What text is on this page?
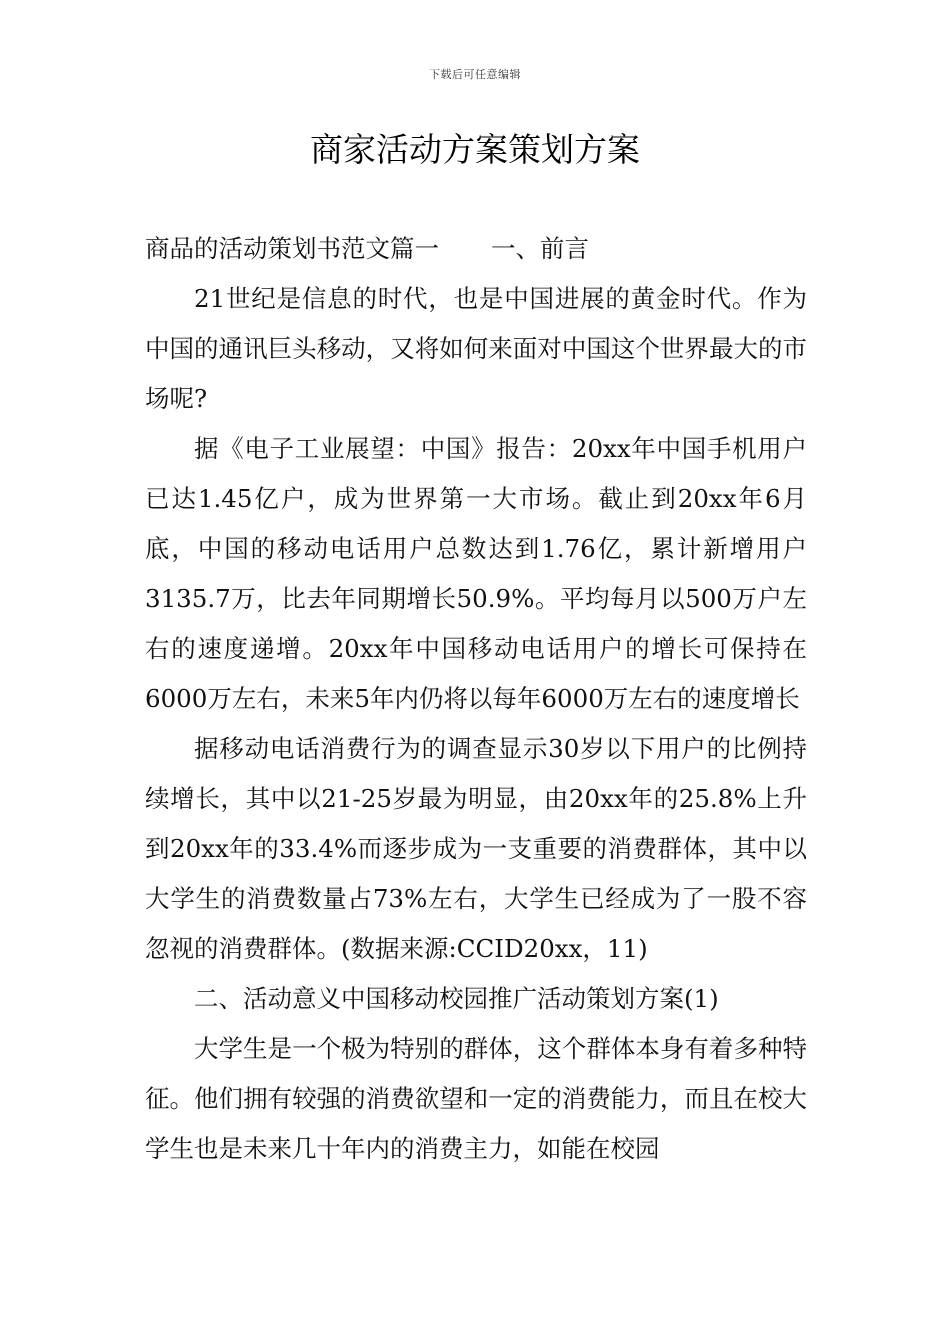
下载后可任意编辑
商家活动方案策划方案

商品的活动策划书范文篇一 一、前言

21世纪是信息的时代，也是中国进展的黄金时代。作为中国的通讯巨头移动，又将如何来面对中国这个世界最大的市场呢?

据《电子工业展望：中国》报告：20xx年中国手机用户已达1.45亿户，成为世界第一大市场。截止到20xx年6月底，中国的移动电话用户总数达到1.76亿，累计新增用户3135.7万，比去年同期增长50.9%。平均每月以500万户左右的速度递增。20xx年中国移动电话用户的增长可保持在6000万左右，未来5年内仍将以每年6000万左右的速度增长

据移动电话消费行为的调查显示30岁以下用户的比例持续增长，其中以21-25岁最为明显，由20xx年的25.8%上升到20xx年的33.4%而逐步成为一支重要的消费群体，其中以大学生的消费数量占73%左右，大学生已经成为了一股不容忽视的消费群体。(数据来源:CCID20xx，11)

二、活动意义中国移动校园推广活动策划方案(1)

大学生是一个极为特别的群体，这个群体本身有着多种特征。他们拥有较强的消费欲望和一定的消费能力，而且在校大学生也是未来几十年内的消费主力，如能在校园
